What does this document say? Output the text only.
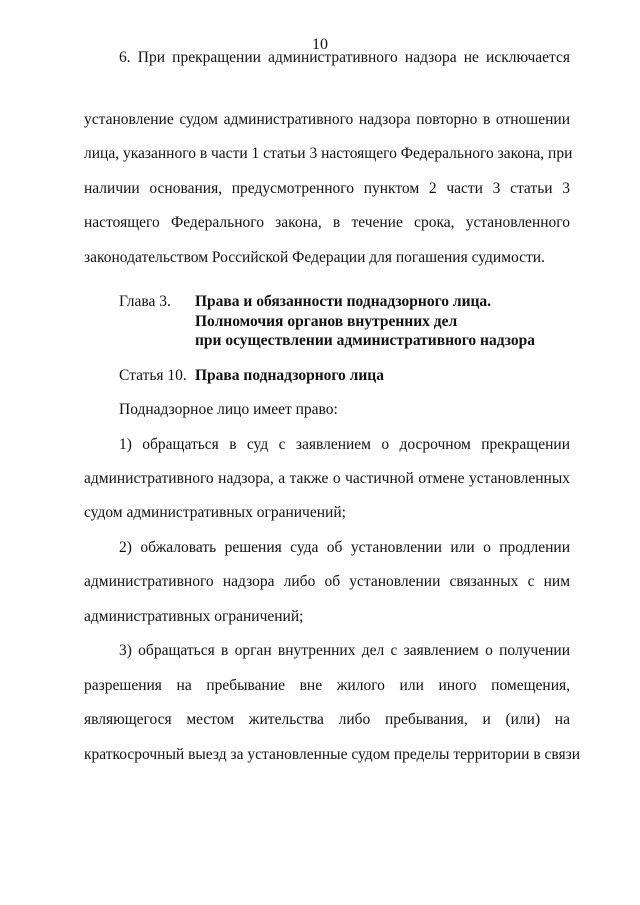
10
6. При прекращении административного надзора не исключается
установление судом административного надзора повторно в отношении
лица, указанного в части 1 статьи 3 настоящего Федерального закона, при
наличии основания, предусмотренного пунктом 2 части 3 статьи 3
настоящего Федерального закона, в течение срока, установленного
законодательством Российской Федерации для погашения судимости.
Глава 3.	Права и обязанности поднадзорного лица.
Полномочия органов внутренних дел
при осуществлении административного надзора
Статья 10. Права поднадзорного лица
Поднадзорное лицо имеет право:
1) обращаться в суд с заявлением о досрочном прекращении
административного надзора, а также о частичной отмене установленных
судом административных ограничений;
2) обжаловать решения суда об установлении или о продлении
административного надзора либо об установлении связанных с ним
административных ограничений;
3) обращаться в орган внутренних дел с заявлением о получении
разрешения на пребывание вне жилого или иного помещения,
являющегося местом жительства либо пребывания, и (или) на
краткосрочный выезд за установленные судом пределы территории в связи
